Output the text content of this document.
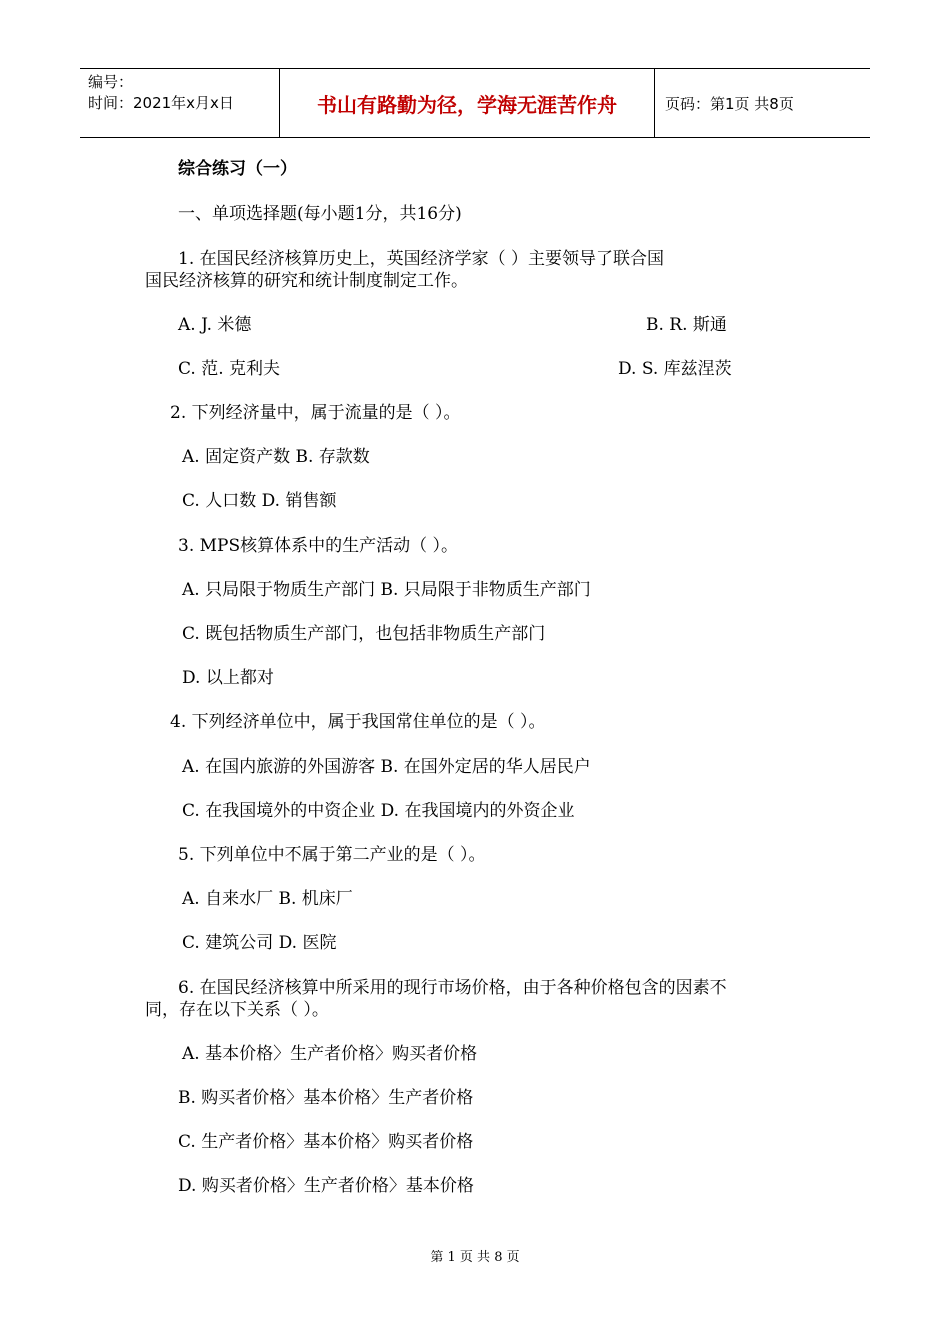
编号：
时间：2021年x月x日	书山有路勤为径，学海无涯苦作舟	页码：第1页 共8页
综合练习（一）
一、单项选择题(每小题1分，共16分)
1. 在国民经济核算历史上，英国经济学家（ ）主要领导了联合国
国民经济核算的研究和统计制度制定工作。
A. J. 米德	B. R. 斯通
C. 范. 克利夫	D. S. 库兹涅茨
2. 下列经济量中，属于流量的是（ ）。
A. 固定资产数 B. 存款数
C. 人口数 D. 销售额
3. MPS核算体系中的生产活动（ ）。
A. 只局限于物质生产部门 B. 只局限于非物质生产部门
C. 既包括物质生产部门，也包括非物质生产部门
D. 以上都对
4. 下列经济单位中，属于我国常住单位的是（ ）。
A. 在国内旅游的外国游客 B. 在国外定居的华人居民户
C. 在我国境外的中资企业 D. 在我国境内的外资企业
5. 下列单位中不属于第二产业的是（ ）。
A. 自来水厂 B. 机床厂
C. 建筑公司 D. 医院
6. 在国民经济核算中所采用的现行市场价格，由于各种价格包含的因素不
同，存在以下关系（ ）。
A. 基本价格〉生产者价格〉购买者价格
B. 购买者价格〉基本价格〉生产者价格
C. 生产者价格〉基本价格〉购买者价格
D. 购买者价格〉生产者价格〉基本价格
第 1 页 共 8 页
